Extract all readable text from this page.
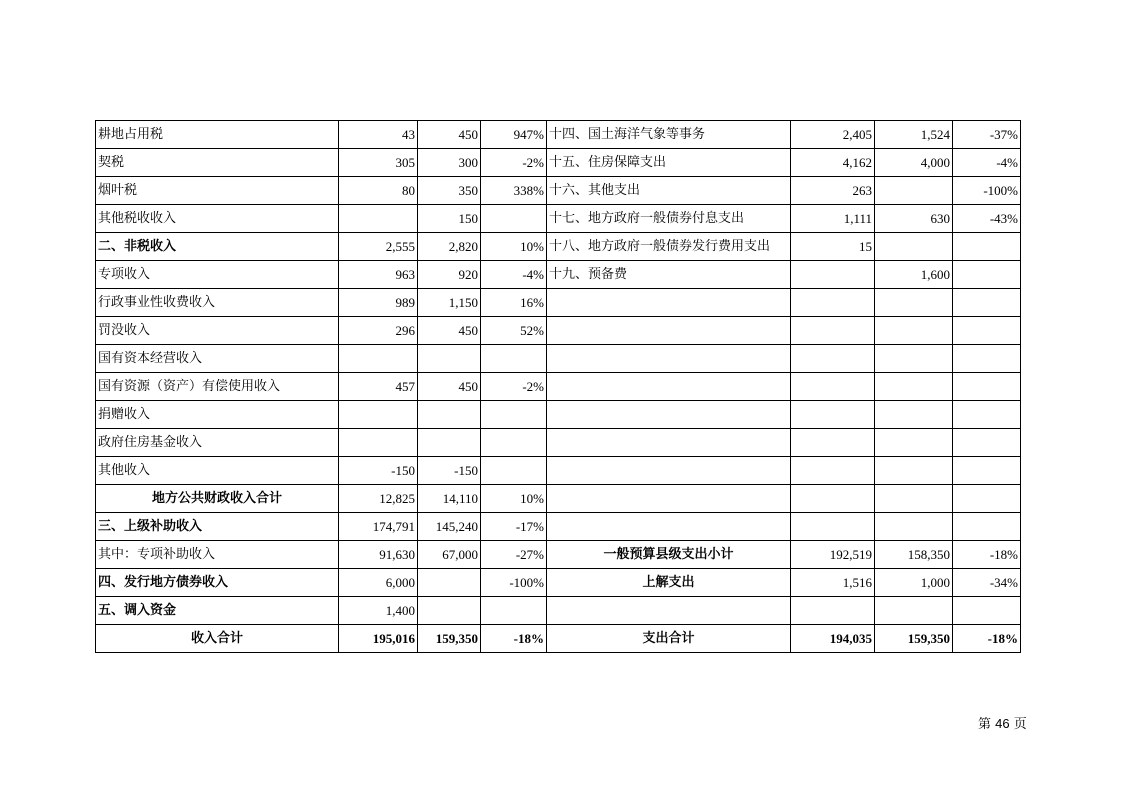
耕地占用税	43	450	947%	十四、国土海洋气象等事务	2,405	1,524	-37%
契税	305	300	-2%	十五、住房保障支出	4,162	4,000	-4%
烟叶税	80	350	338%	十六、其他支出	263		-100%
其他税收收入		150		十七、地方政府一般债券付息支出	1,111	630	-43%
二、非税收入	2,555	2,820	10%	十八、地方政府一般债券发行费用支出	15		
专项收入	963	920	-4%	十九、预备费		1,600	
行政事业性收费收入	989	1,150	16%				
罚没收入	296	450	52%				
国有资本经营收入							
国有资源（资产）有偿使用收入	457	450	-2%				
捐赠收入							
政府住房基金收入							
其他收入	-150	-150					
地方公共财政收入合计	12,825	14,110	10%				
三、上级补助收入	174,791	145,240	-17%				
其中：专项补助收入	91,630	67,000	-27%	一般预算县级支出小计	192,519	158,350	-18%
四、发行地方债券收入	6,000		-100%	上解支出	1,516	1,000	-34%
五、调入资金	1,400						
收入合计	195,016	159,350	-18%	支出合计	194,035	159,350	-18%
第 46 页
